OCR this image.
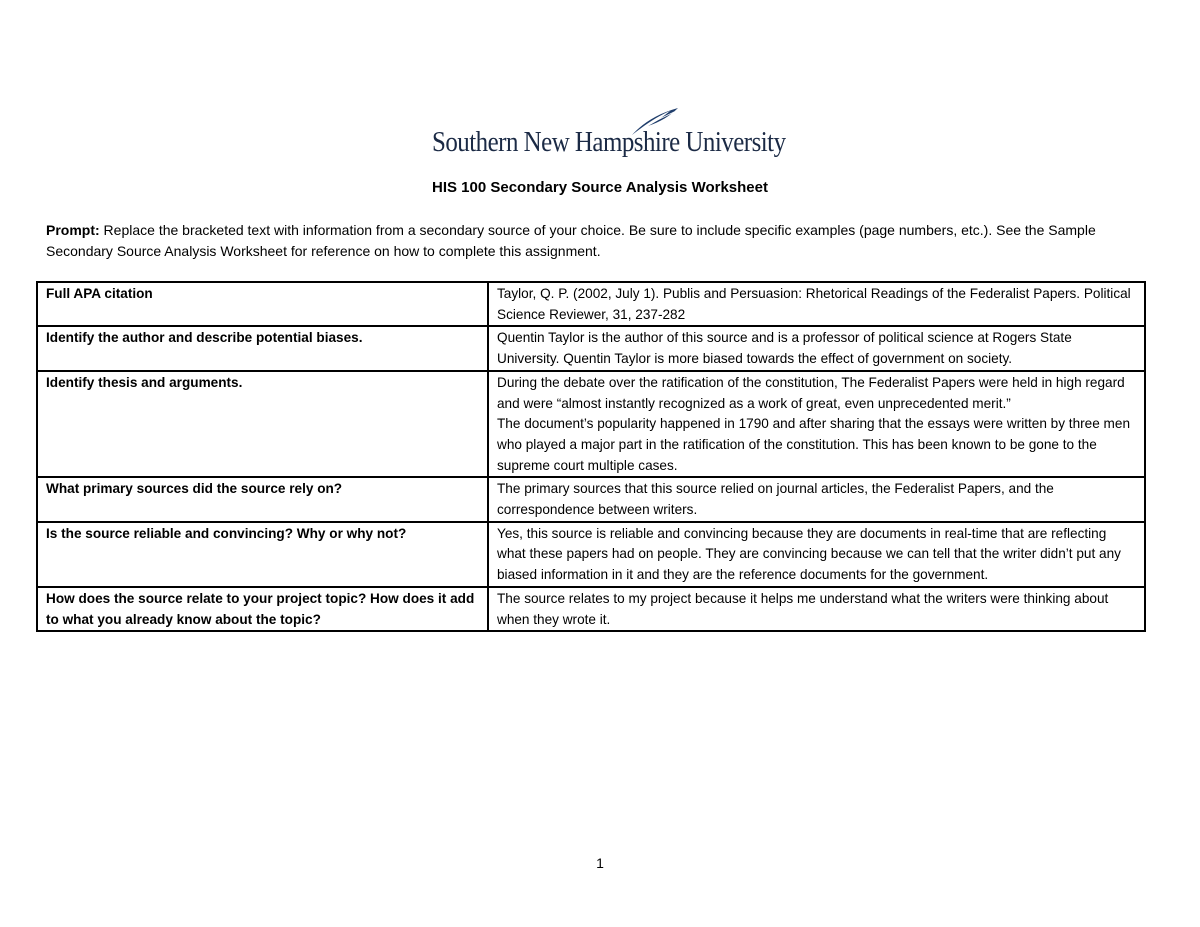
Southern New Hampshire University
HIS 100 Secondary Source Analysis Worksheet
Prompt: Replace the bracketed text with information from a secondary source of your choice. Be sure to include specific examples (page numbers, etc.). See the Sample Secondary Source Analysis Worksheet for reference on how to complete this assignment.
Full APA citation	Taylor, Q. P. (2002, July 1). Publis and Persuasion: Rhetorical Readings of the Federalist Papers. Political Science Reviewer, 31, 237-282
Identify the author and describe potential biases.	Quentin Taylor is the author of this source and is a professor of political science at Rogers State University. Quentin Taylor is more biased towards the effect of government on society.
Identify thesis and arguments.	During the debate over the ratification of the constitution, The Federalist Papers were held in high regard and were “almost instantly recognized as a work of great, even unprecedented merit.”
The document’s popularity happened in 1790 and after sharing that the essays were written by three men who played a major part in the ratification of the constitution. This has been known to be gone to the supreme court multiple cases.

What primary sources did the source rely on?	The primary sources that this source relied on journal articles, the Federalist Papers, and the correspondence between writers.
Is the source reliable and convincing? Why or why not?	Yes, this source is reliable and convincing because they are documents in real-time that are reflecting what these papers had on people. They are convincing because we can tell that the writer didn’t put any biased information in it and they are the reference documents for the government.
How does the source relate to your project topic? How does it add to what you already know about the topic?	The source relates to my project because it helps me understand what the writers were thinking about when they wrote it.
1
